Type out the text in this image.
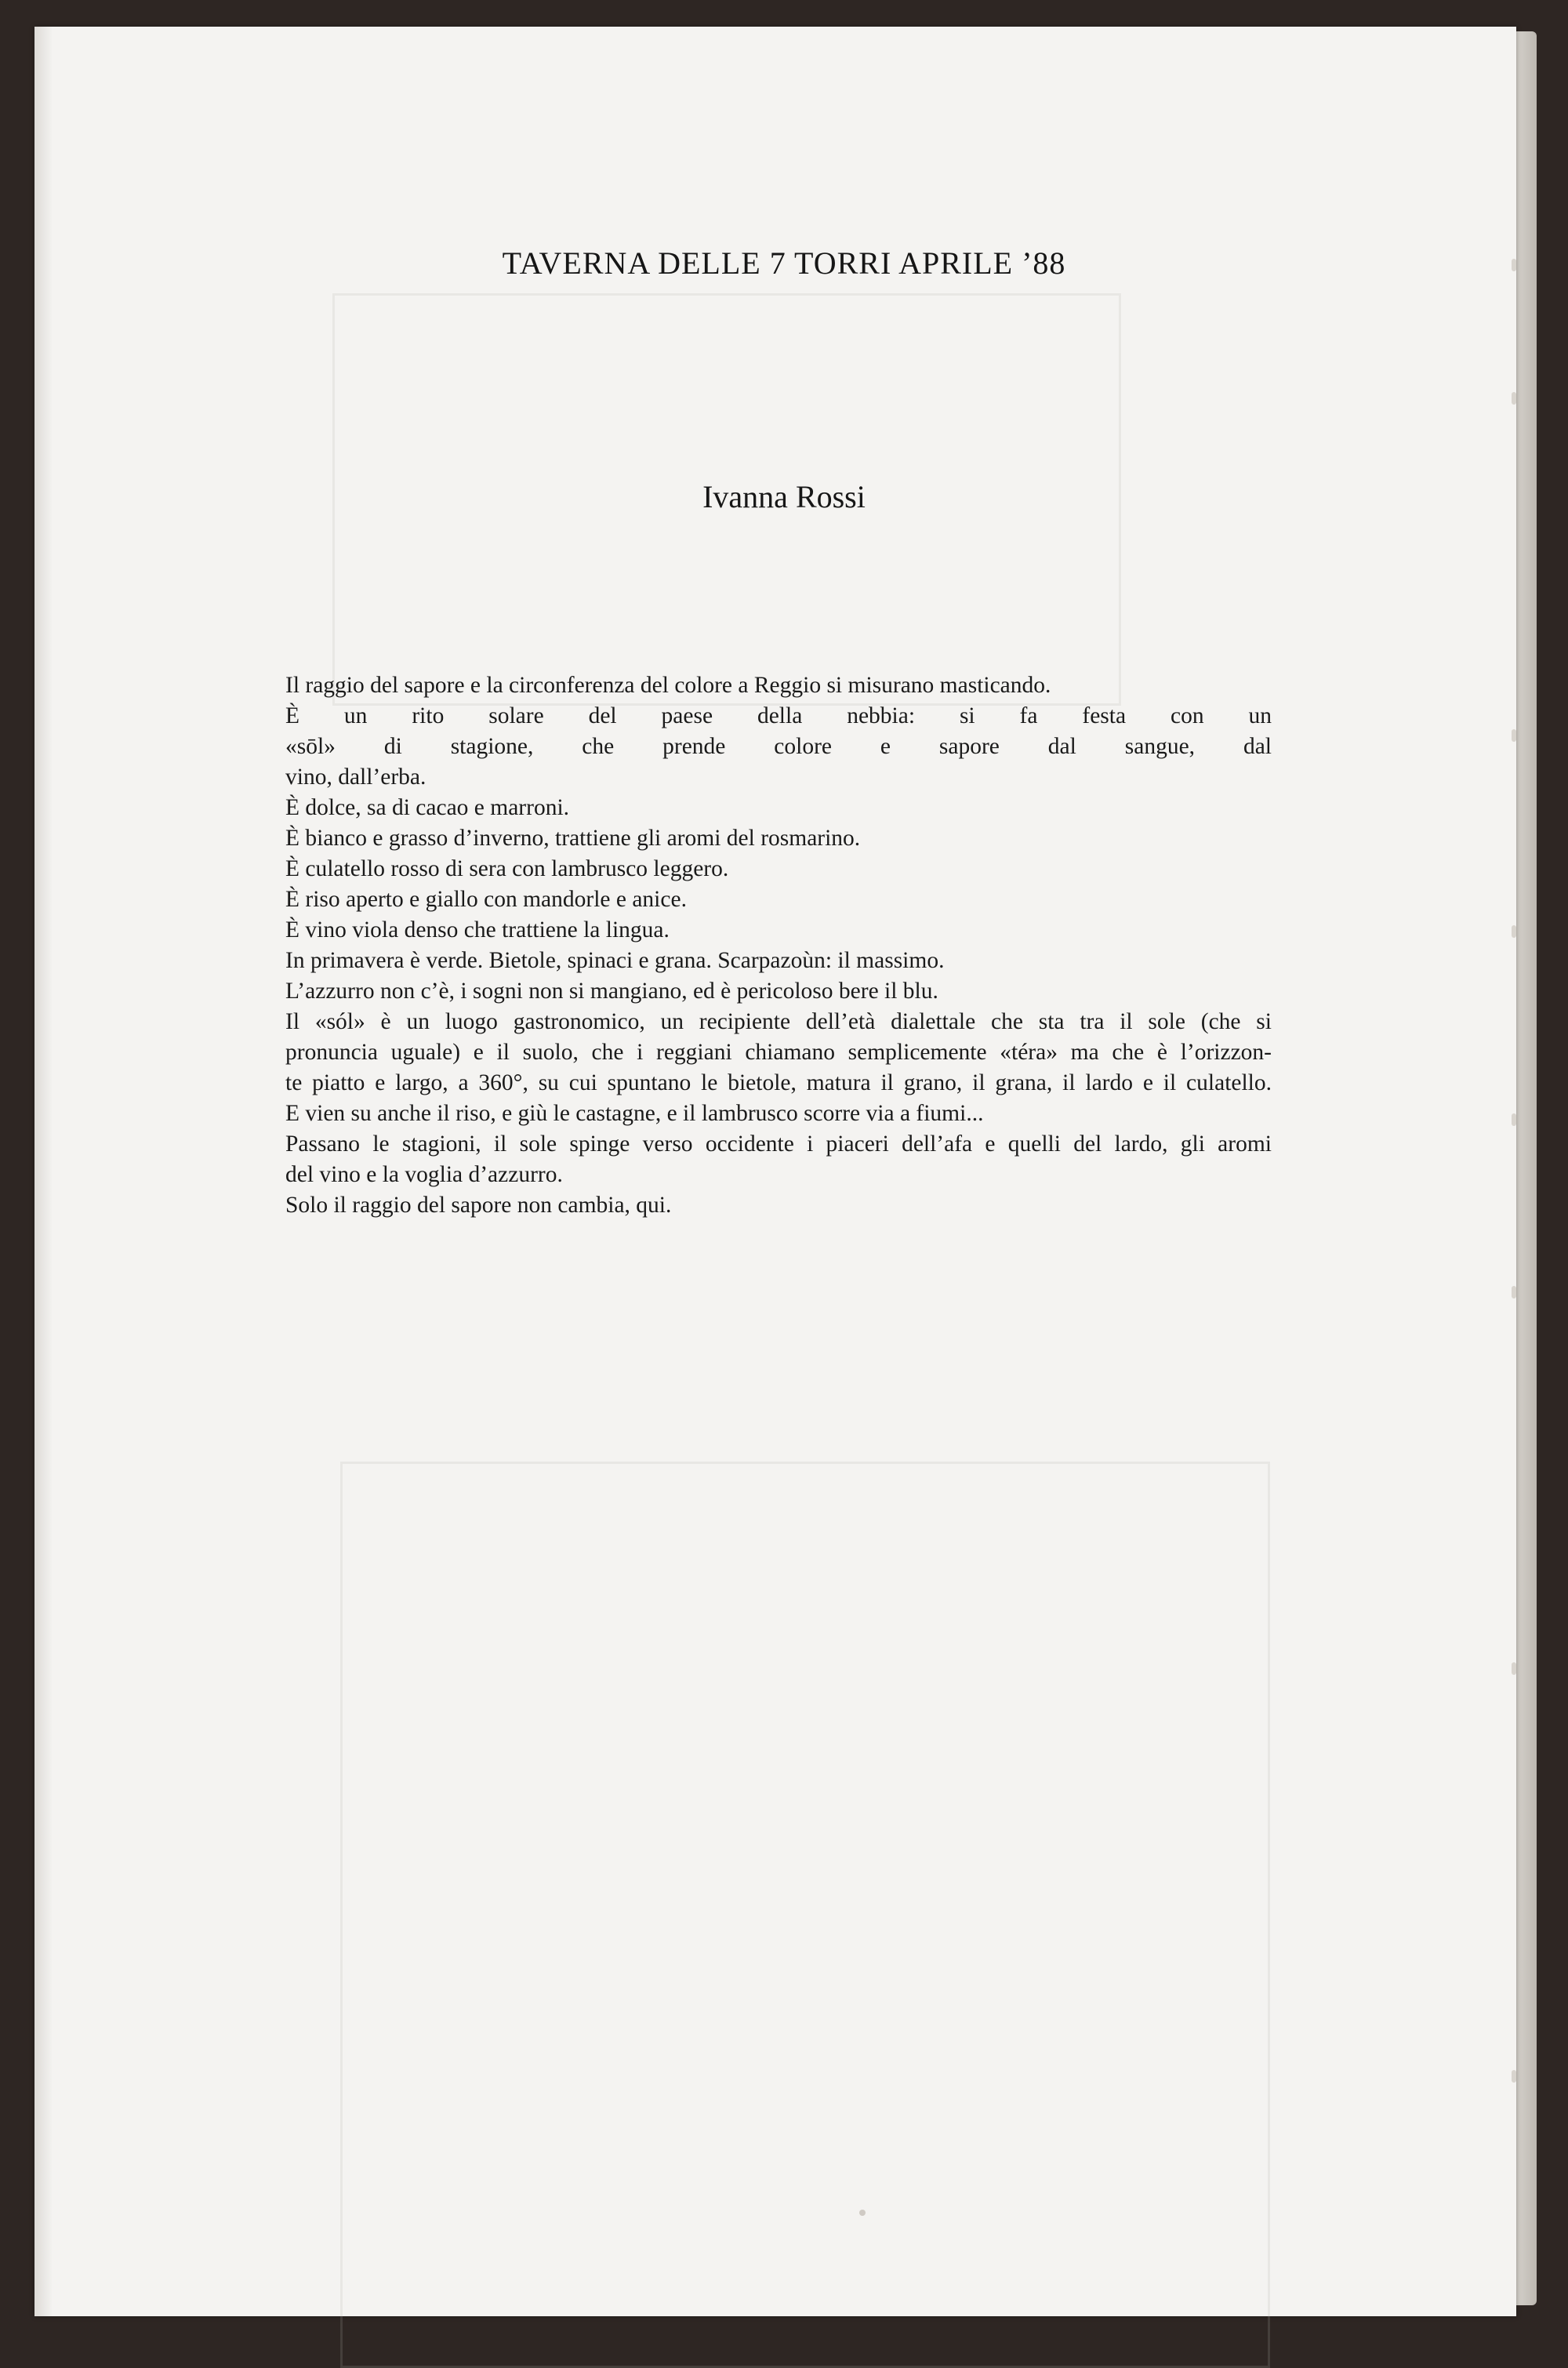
TAVERNA DELLE 7 TORRI APRILE ’88
Ivanna Rossi
Il raggio del sapore e la circonferenza del colore a Reggio si misurano masticando.
È un rito solare del paese della nebbia: si fa festa con un
«sōl» di stagione, che prende colore e sapore dal sangue, dal
vino, dall’erba.
È dolce, sa di cacao e marroni.
È bianco e grasso d’inverno, trattiene gli aromi del rosmarino.
È culatello rosso di sera con lambrusco leggero.
È riso aperto e giallo con mandorle e anice.
È vino viola denso che trattiene la lingua.
In primavera è verde. Bietole, spinaci e grana. Scarpazoùn: il massimo.
L’azzurro non c’è, i sogni non si mangiano, ed è pericoloso bere il blu.
Il «sól» è un luogo gastronomico, un recipiente dell’età dialettale che sta tra il sole (che si
pronuncia uguale) e il suolo, che i reggiani chiamano semplicemente «téra» ma che è l’orizzon-
te piatto e largo, a 360°, su cui spuntano le bietole, matura il grano, il grana, il lardo e il culatello.
E vien su anche il riso, e giù le castagne, e il lambrusco scorre via a fiumi...
Passano le stagioni, il sole spinge verso occidente i piaceri dell’afa e quelli del lardo, gli aromi
del vino e la voglia d’azzurro.
Solo il raggio del sapore non cambia, qui.
